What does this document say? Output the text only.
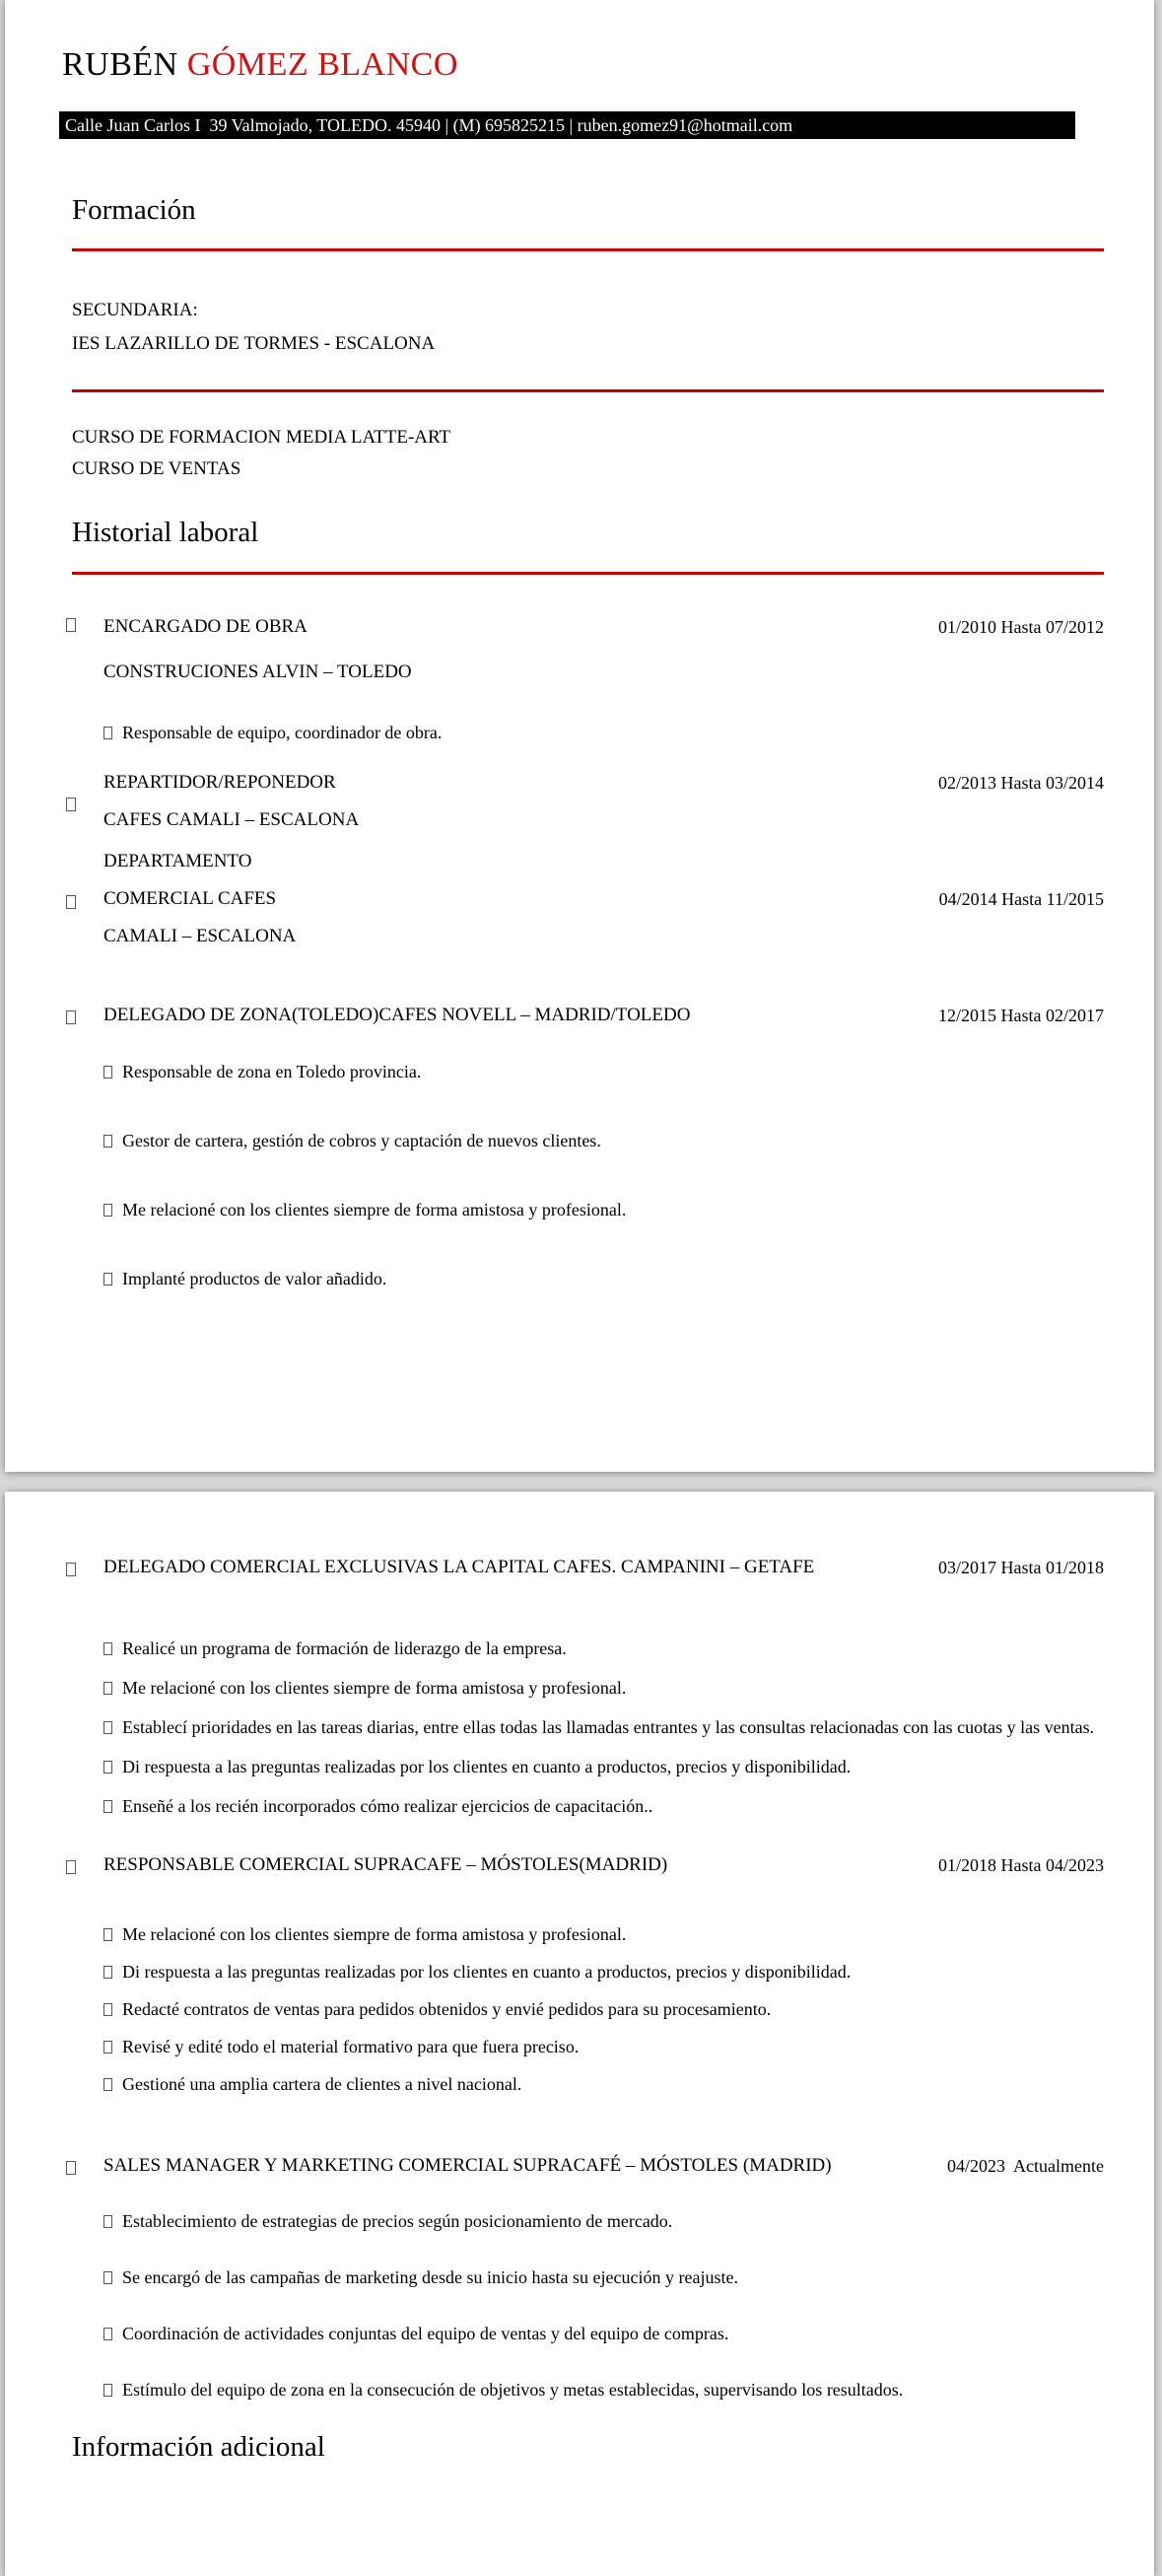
RUBÉN GÓMEZ BLANCO
Calle Juan Carlos I  39 Valmojado, TOLEDO. 45940 | (M) 695825215 | ruben.gomez91@hotmail.com
Formación
SECUNDARIA:
IES LAZARILLO DE TORMES - ESCALONA
CURSO DE FORMACION MEDIA LATTE-ART
CURSO DE VENTAS
Historial laboral
ENCARGADO DE OBRA
CONSTRUCIONES ALVIN – TOLEDO
01/2010 Hasta 07/2012
Responsable de equipo, coordinador de obra.
REPARTIDOR/REPONEDOR
CAFES CAMALI – ESCALONA
02/2013 Hasta 03/2014
DEPARTAMENTO
COMERCIAL CAFES
CAMALI – ESCALONA
04/2014 Hasta 11/2015
DELEGADO DE ZONA(TOLEDO)CAFES NOVELL – MADRID/TOLEDO	12/2015 Hasta 02/2017
Responsable de zona en Toledo provincia.
Gestor de cartera, gestión de cobros y captación de nuevos clientes.
Me relacioné con los clientes siempre de forma amistosa y profesional.
Implanté productos de valor añadido.
DELEGADO COMERCIAL EXCLUSIVAS LA CAPITAL CAFES. CAMPANINI – GETAFE	03/2017 Hasta 01/2018
Realicé un programa de formación de liderazgo de la empresa.
Me relacioné con los clientes siempre de forma amistosa y profesional.
Establecí prioridades en las tareas diarias, entre ellas todas las llamadas entrantes y las consultas relacionadas con las cuotas y las ventas.
Di respuesta a las preguntas realizadas por los clientes en cuanto a productos, precios y disponibilidad.
Enseñé a los recién incorporados cómo realizar ejercicios de capacitación..
RESPONSABLE COMERCIAL SUPRACAFE – MÓSTOLES(MADRID)	01/2018 Hasta 04/2023
Me relacioné con los clientes siempre de forma amistosa y profesional.
Di respuesta a las preguntas realizadas por los clientes en cuanto a productos, precios y disponibilidad.
Redacté contratos de ventas para pedidos obtenidos y envié pedidos para su procesamiento.
Revisé y edité todo el material formativo para que fuera preciso.
Gestioné una amplia cartera de clientes a nivel nacional.
SALES MANAGER Y MARKETING COMERCIAL SUPRACAFÉ – MÓSTOLES (MADRID)	04/2023  Actualmente
Establecimiento de estrategias de precios según posicionamiento de mercado.
Se encargó de las campañas de marketing desde su inicio hasta su ejecución y reajuste.
Coordinación de actividades conjuntas del equipo de ventas y del equipo de compras.
Estímulo del equipo de zona en la consecución de objetivos y metas establecidas, supervisando los resultados.
Información adicional
